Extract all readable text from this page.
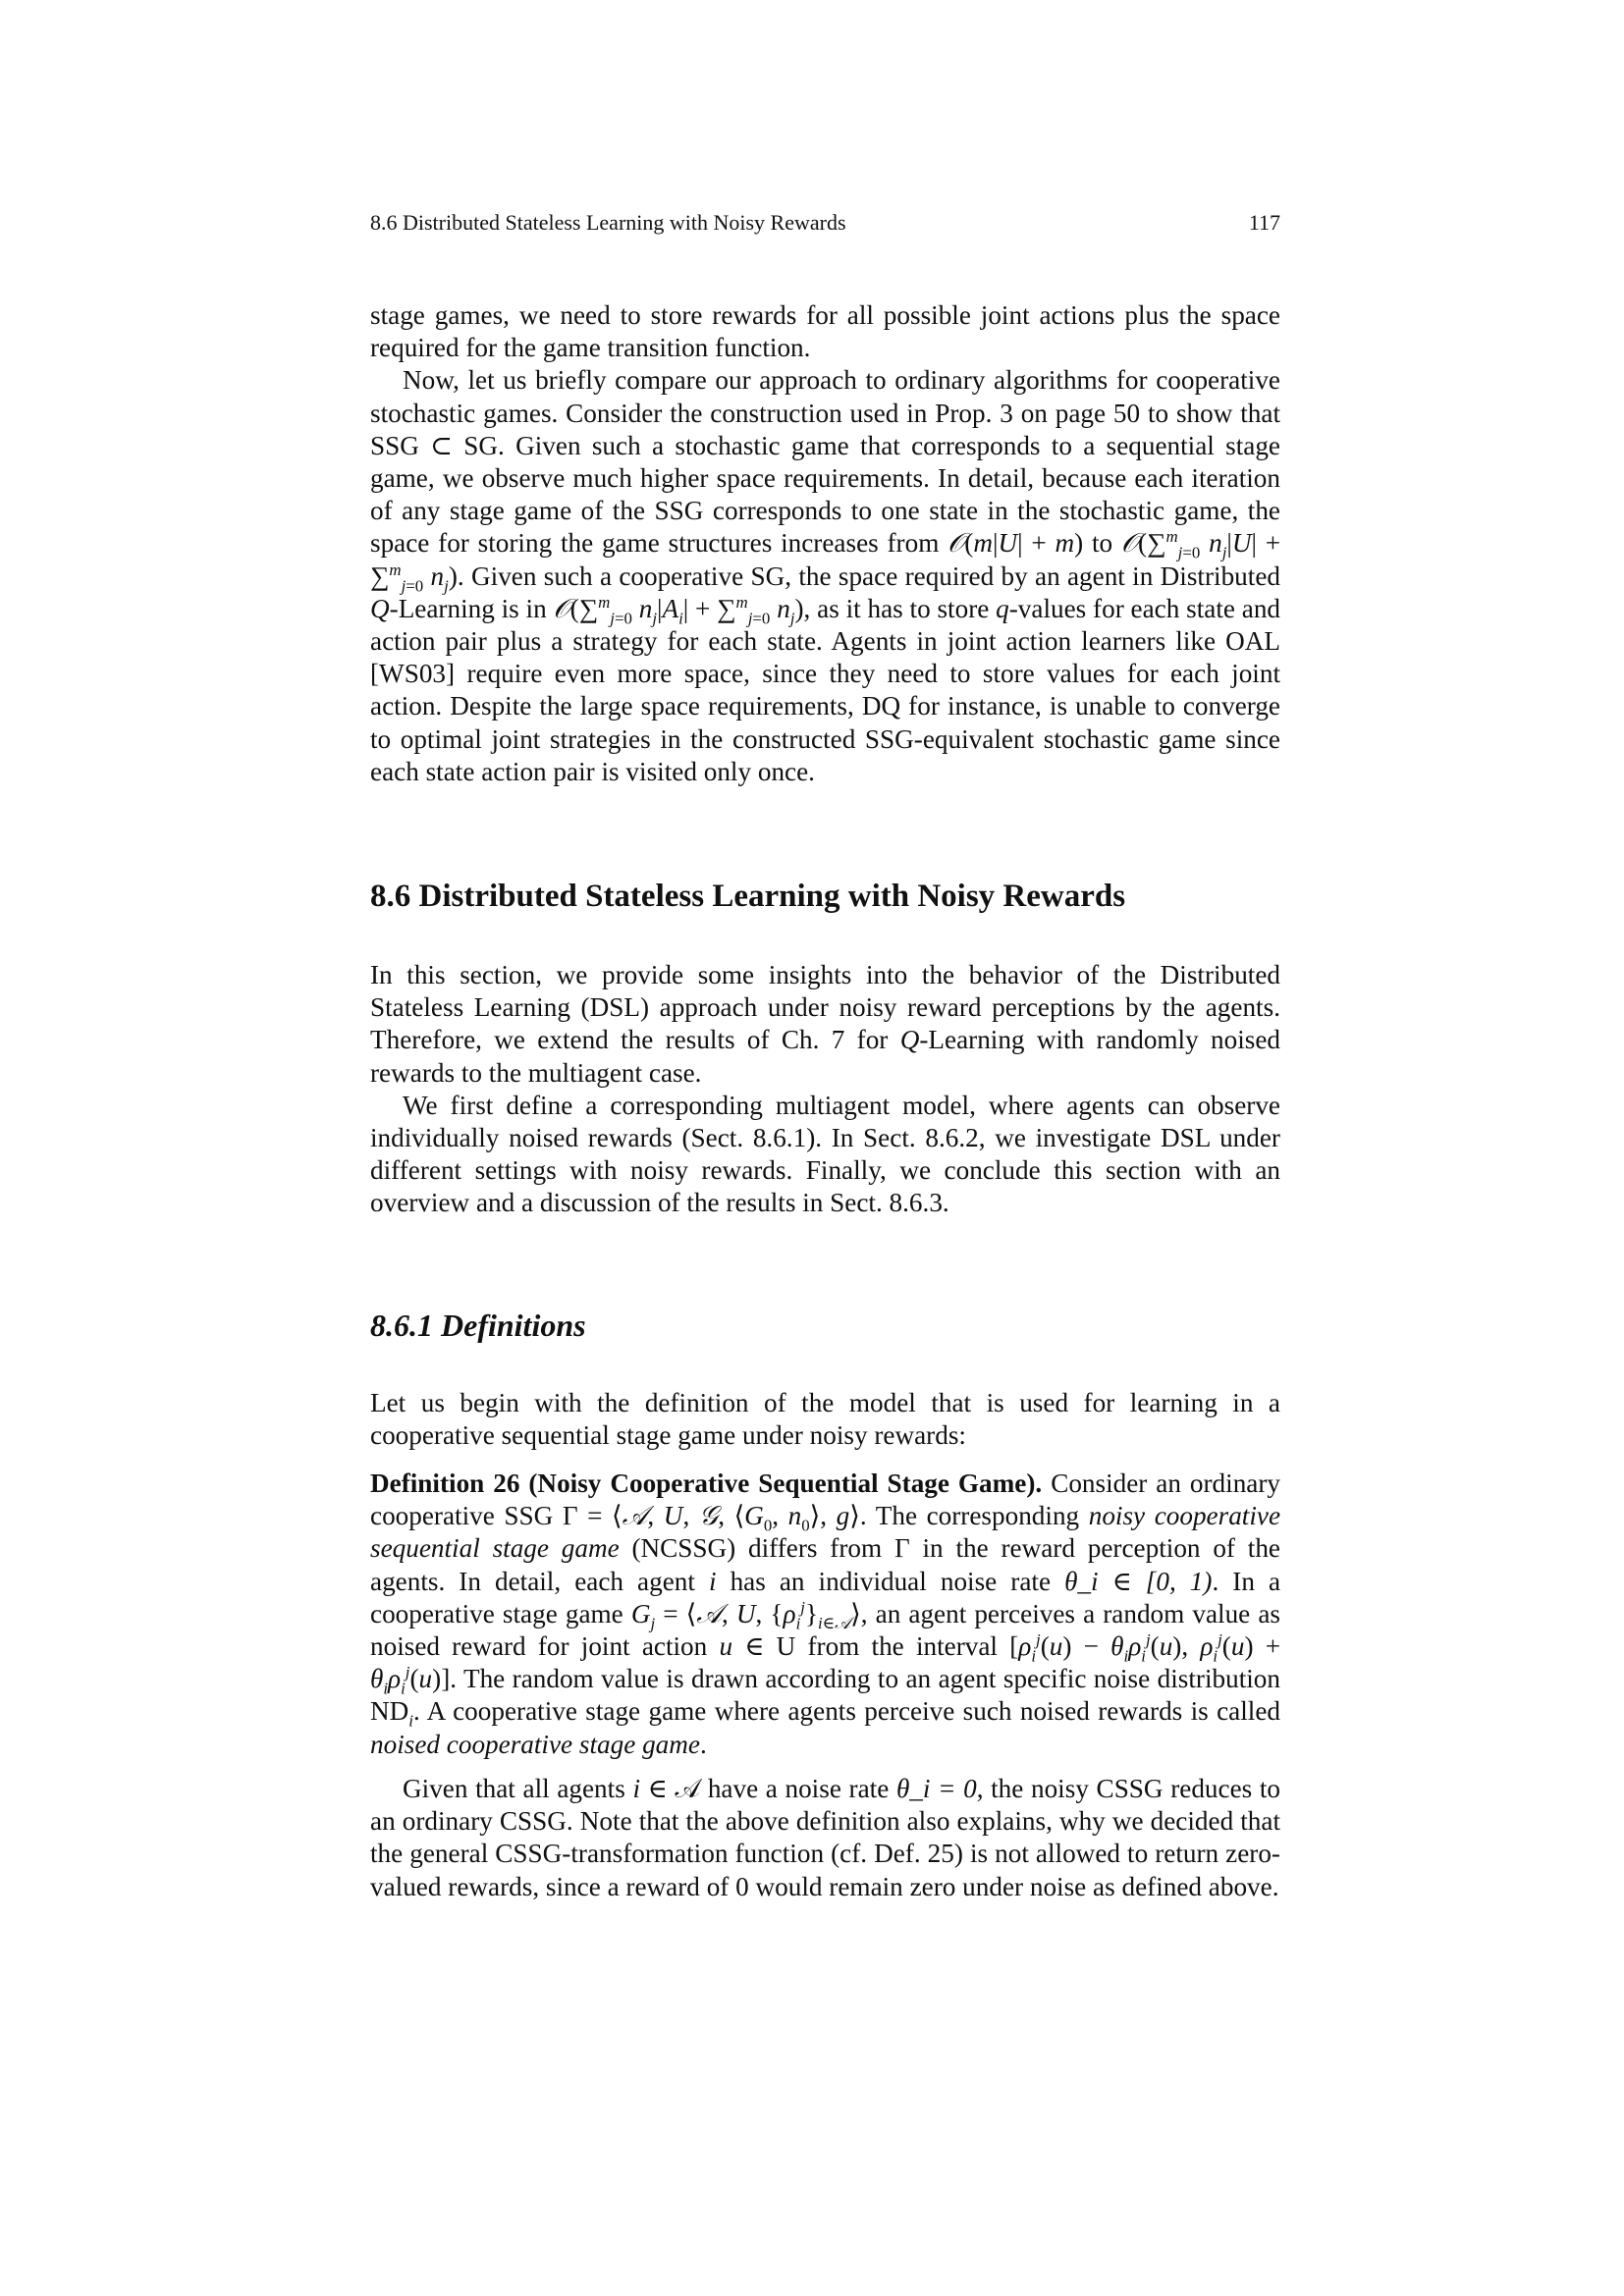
8.6 Distributed Stateless Learning with Noisy Rewards	117

stage games, we need to store rewards for all possible joint actions plus the space required for the game transition function.

Now, let us briefly compare our approach to ordinary algorithms for cooperative stochastic games. Consider the construction used in Prop. 3 on page 50 to show that SSG ⊂ SG. Given such a stochastic game that corresponds to a sequential stage game, we observe much higher space requirements. In detail, because each iteration of any stage game of the SSG corresponds to one state in the stochastic game, the space for storing the game structures increases from 𝒪(m|U| + m) to 𝒪(∑$^m_{j=0}$ $n_j|U| + \sum^m_{j=0}$ $n_j$). Given such a cooperative SG, the space required by an agent in Distributed Q-Learning is in 𝒪(∑$^m_{j=0}$ $n_j|A_i| + \sum^m_{j=0}$ $n_j$), as it has to store q-values for each state and action pair plus a strategy for each state. Agents in joint action learners like OAL [WS03] require even more space, since they need to store values for each joint action. Despite the large space requirements, DQ for instance, is unable to converge to optimal joint strategies in the constructed SSG-equivalent stochastic game since each state action pair is visited only once.

8.6 Distributed Stateless Learning with Noisy Rewards

In this section, we provide some insights into the behavior of the Distributed Stateless Learning (DSL) approach under noisy reward perceptions by the agents. Therefore, we extend the results of Ch. 7 for Q-Learning with randomly noised rewards to the multiagent case.

We first define a corresponding multiagent model, where agents can observe individually noised rewards (Sect. 8.6.1). In Sect. 8.6.2, we investigate DSL under different settings with noisy rewards. Finally, we conclude this section with an overview and a discussion of the results in Sect. 8.6.3.

8.6.1 Definitions

Let us begin with the definition of the model that is used for learning in a cooperative sequential stage game under noisy rewards:

Definition 26 (Noisy Cooperative Sequential Stage Game). Consider an ordinary cooperative SSG Γ = ⟨𝒜, U, 𝒢, $⟨G_0$, $n_0⟩$, g⟩. The corresponding noisy cooperative sequential stage game (NCSSG) differs from Γ in the reward perception of the agents. In detail, each agent i has an individual noise rate θ_i ∈ [0, 1). In a cooperative stage game $G_j$ = ⟨𝒜, U, $\{\rho_i^j\}_{i\in 𝒜}⟩$, an agent perceives a random value as noised reward for joint action u ∈ U from the interval [$\rho_i^j(u) - \theta_i\rho_i^j(u)$, $\rho_i^j(u) + \theta_i\rho_i^j(u)$]. The random value is drawn according to an agent specific noise distribution $ND_i$. A cooperative stage game where agents perceive such noised rewards is called noised cooperative stage game.

Given that all agents i ∈ 𝒜 have a noise rate θ_i = 0, the noisy CSSG reduces to an ordinary CSSG. Note that the above definition also explains, why we decided that the general CSSG-transformation function (cf. Def. 25) is not allowed to return zero-valued rewards, since a reward of 0 would remain zero under noise as defined above.
